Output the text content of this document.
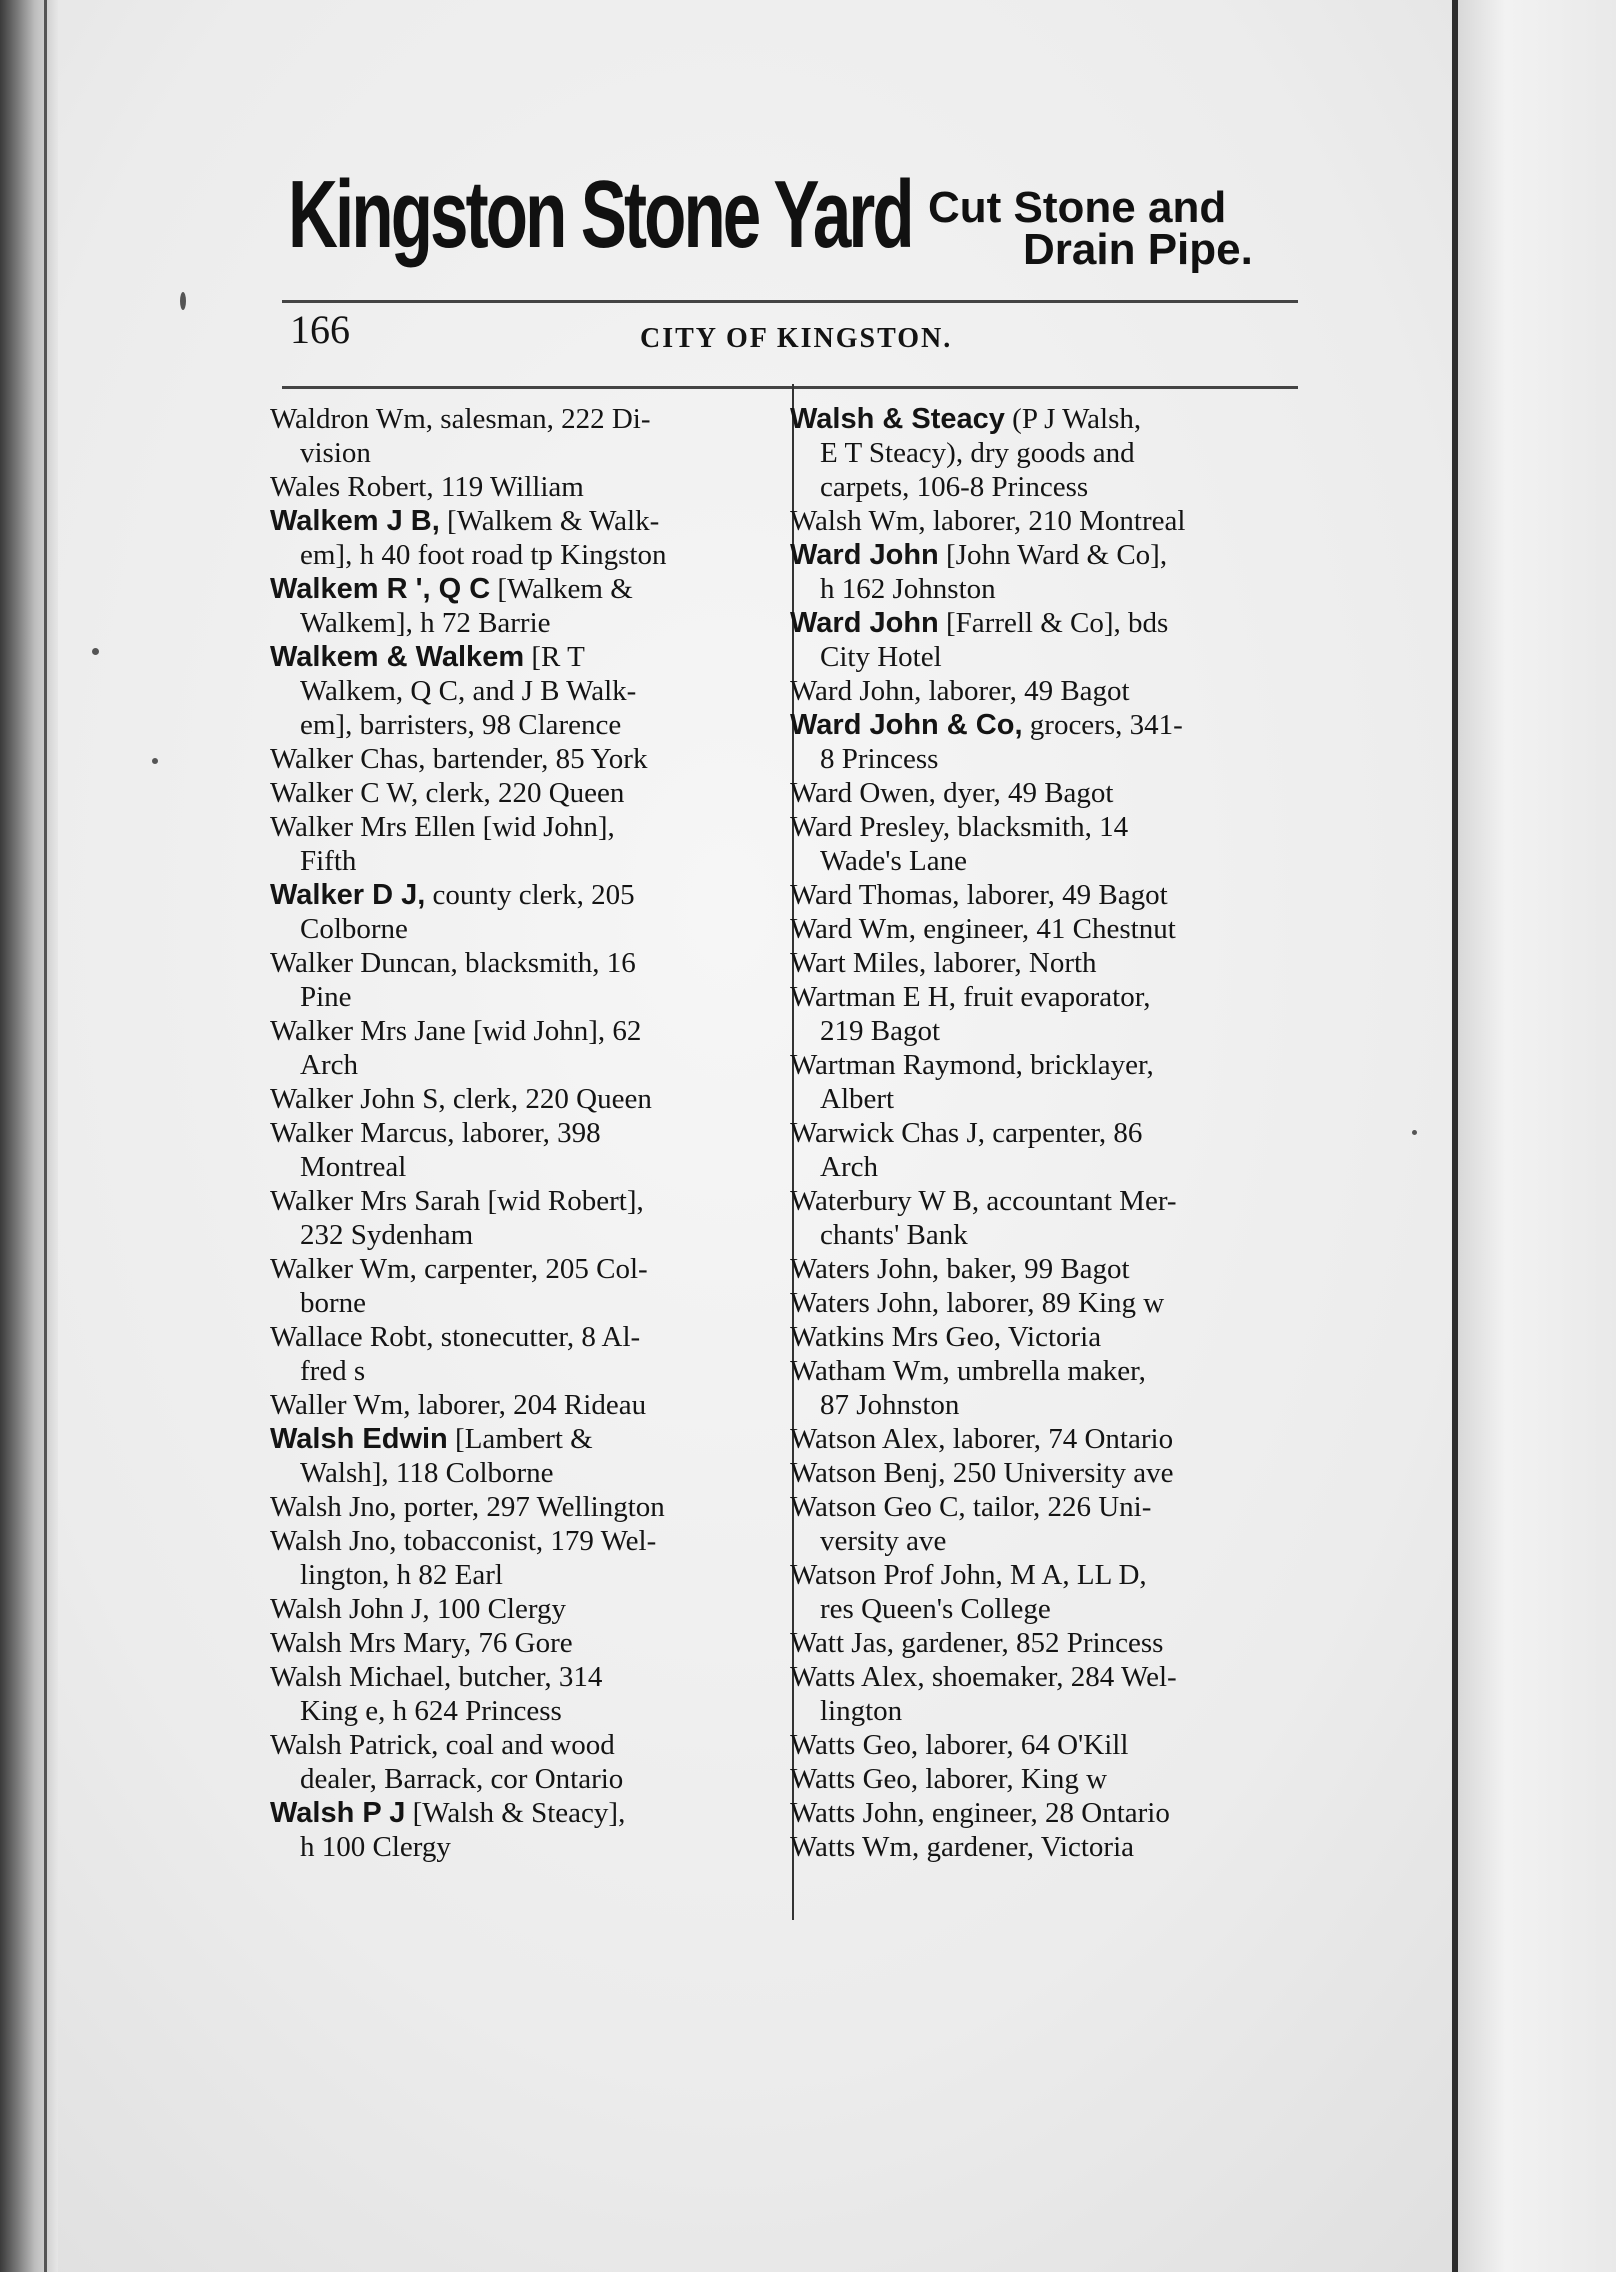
Kingston Stone Yard Cut Stone and
Drain Pipe.
166	CITY OF KINGSTON.
Waldron Wm, salesman, 222 Di-
vision
Wales Robert, 119 William
Walkem J B, [Walkem & Walk-
em], h 40 foot road tp Kingston
Walkem R ', Q C [Walkem &
Walkem], h 72 Barrie
Walkem & Walkem [R T
Walkem, Q C, and J B Walk-
em], barristers, 98 Clarence
Walker Chas, bartender, 85 York
Walker C W, clerk, 220 Queen
Walker Mrs Ellen [wid John],
Fifth
Walker D J, county clerk, 205
Colborne
Walker Duncan, blacksmith, 16
Pine
Walker Mrs Jane [wid John], 62
Arch
Walker John S, clerk, 220 Queen
Walker Marcus, laborer, 398
Montreal
Walker Mrs Sarah [wid Robert],
232 Sydenham
Walker Wm, carpenter, 205 Col-
borne
Wallace Robt, stonecutter, 8 Al-
fred s
Waller Wm, laborer, 204 Rideau
Walsh Edwin [Lambert &
Walsh], 118 Colborne
Walsh Jno, porter, 297 Wellington
Walsh Jno, tobacconist, 179 Wel-
lington, h 82 Earl
Walsh John J, 100 Clergy
Walsh Mrs Mary, 76 Gore
Walsh Michael, butcher, 314
King e, h 624 Princess
Walsh Patrick, coal and wood
dealer, Barrack, cor Ontario
Walsh P J [Walsh & Steacy],
h 100 Clergy
Walsh & Steacy (P J Walsh,
E T Steacy), dry goods and
carpets, 106-8 Princess
Walsh Wm, laborer, 210 Montreal
Ward John [John Ward & Co],
h 162 Johnston
Ward John [Farrell & Co], bds
City Hotel
Ward John, laborer, 49 Bagot
Ward John & Co, grocers, 341-
8 Princess
Ward Owen, dyer, 49 Bagot
Ward Presley, blacksmith, 14
Wade's Lane
Ward Thomas, laborer, 49 Bagot
Ward Wm, engineer, 41 Chestnut
Wart Miles, laborer, North
Wartman E H, fruit evaporator,
219 Bagot
Wartman Raymond, bricklayer,
Albert
Warwick Chas J, carpenter, 86
Arch
Waterbury W B, accountant Mer-
chants' Bank
Waters John, baker, 99 Bagot
Waters John, laborer, 89 King w
Watkins Mrs Geo, Victoria
Watham Wm, umbrella maker,
87 Johnston
Watson Alex, laborer, 74 Ontario
Watson Benj, 250 University ave
Watson Geo C, tailor, 226 Uni-
versity ave
Watson Prof John, M A, LL D,
res Queen's College
Watt Jas, gardener, 852 Princess
Watts Alex, shoemaker, 284 Wel-
lington
Watts Geo, laborer, 64 O'Kill
Watts Geo, laborer, King w
Watts John, engineer, 28 Ontario
Watts Wm, gardener, Victoria
